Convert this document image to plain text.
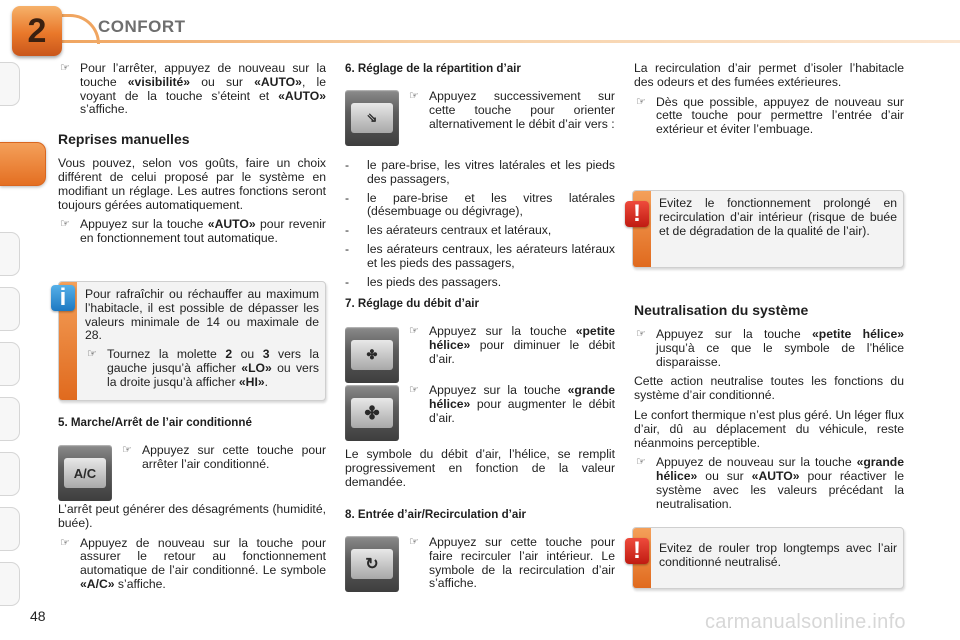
2	CONFORT
☞ Pour l’arrêter, appuyez de nouveau sur la touche «visibilité» ou sur «AUTO», le voyant de la touche s’éteint et «AUTO» s’affiche.
Reprises manuelles

Vous pouvez, selon vos goûts, faire un choix différent de celui proposé par le système en modifiant un réglage. Les autres fonctions seront toujours gérées automatiquement.

☞ Appuyez sur la touche «AUTO» pour revenir en fonctionnement tout automatique.
i	Pour rafraîchir ou réchauffer au maximum l’habitacle, il est possible de dépasser les valeurs minimale de 14 ou maximale de 28.

☞ Tournez la molette 2 ou 3 vers la gauche jusqu’à afficher «LO» ou vers la droite jusqu’à afficher «HI».
5. Marche/Arrêt de l’air conditionné
A/C
☞ Appuyez sur cette touche pour arrêter l’air conditionné.

L’arrêt peut générer des désagréments (humidité, buée).

☞ Appuyez de nouveau sur la touche pour assurer le retour au fonctionnement automatique de l’air conditionné. Le symbole «A/C» s’affiche.
6. Réglage de la répartition d’air
⇘
☞ Appuyez successivement sur cette touche pour orienter alternativement le débit d’air vers :
- le pare-brise, les vitres latérales et les pieds des passagers,
- le pare-brise et les vitres latérales (désembuage ou dégivrage),
- les aérateurs centraux et latéraux,
- les aérateurs centraux, les aérateurs latéraux et les pieds des passagers,
- les pieds des passagers.
7. Réglage du débit d’air
✤
☞ Appuyez sur la touche «petite hélice» pour diminuer le débit d’air.
✤
☞ Appuyez sur la touche «grande hélice» pour augmenter le débit d’air.

Le symbole du débit d’air, l’hélice, se remplit progressivement en fonction de la valeur demandée.

8. Entrée d’air/Recirculation d’air
↻
☞ Appuyez sur cette touche pour faire recirculer l’air intérieur. Le symbole de la recirculation d’air s’affiche.

La recirculation d’air permet d’isoler l’habitacle des odeurs et des fumées extérieures.

☞ Dès que possible, appuyez de nouveau sur cette touche pour permettre l’entrée d’air extérieur et éviter l’embuage.
!	Evitez le fonctionnement prolongé en recirculation d’air intérieur (risque de buée et de dégradation de la qualité de l’air).

Neutralisation du système
☞ Appuyez sur la touche «petite hélice» jusqu’à ce que le symbole de l’hélice disparaisse.

Cette action neutralise toutes les fonctions du système d’air conditionné.

Le confort thermique n’est plus géré. Un léger flux d’air, dû au déplacement du véhicule, reste néanmoins perceptible.

☞ Appuyez de nouveau sur la touche «grande hélice» ou sur «AUTO» pour réactiver le système avec les valeurs précédant la neutralisation.
!	Evitez de rouler trop longtemps avec l’air conditionné neutralisé.

48	carmanualsonline.info
